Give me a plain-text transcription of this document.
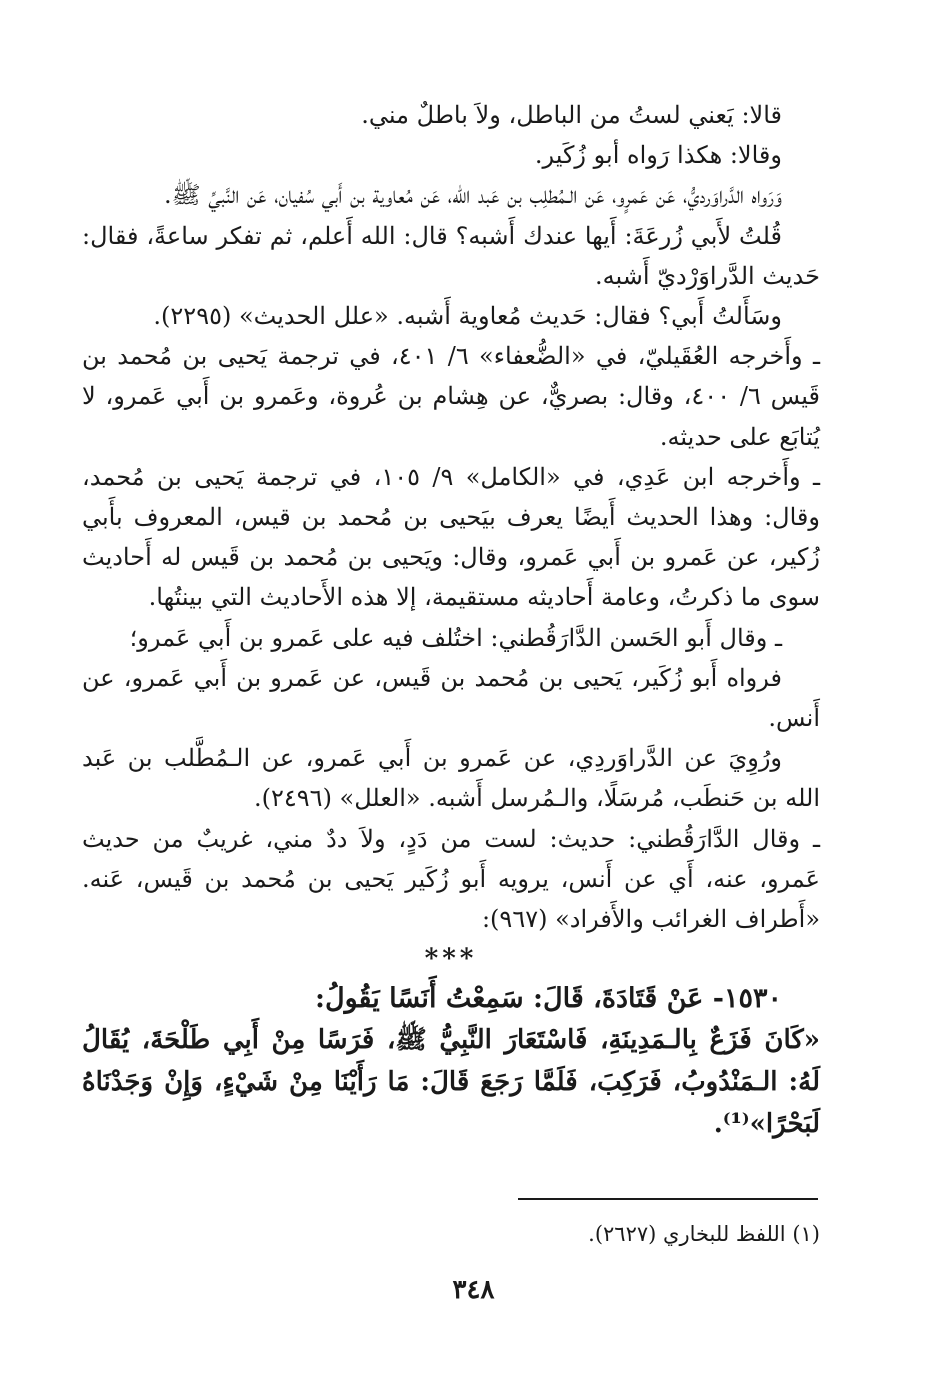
قالا: يَعني لستُ من الباطل، ولاَ باطلٌ مني.

وقالا: هكذا رَواه أبو زُكَير.

وَرَواه الدَّراوَرديُّ، عَن عَمرٍو، عَن الـمُطلِب بن عَبد الله، عَن مُعاوية بن أَبي سُفيان، عَن النَّبيِّ ﷺ.

قُلتُ لأَبي زُرعَةَ: أَيها عندك أَشبه؟ قال: الله أَعلم، ثم تفكر ساعةً، فقال: حَديث الدَّراوَرْديّ أَشبه.

وسَأَلتُ أَبي؟ فقال: حَديث مُعاوية أَشبه. «علل الحديث» (٢٢٩٥).

ـ وأَخرجه العُقَيليّ، في «الضُّعفاء» ٦/ ٤٠١، في ترجمة يَحيى بن مُحمد بن قَيس ٦/ ٤٠٠، وقال: بصريٌّ، عن هِشام بن عُروة، وعَمرو بن أَبي عَمرو، لا يُتابَع على حديثه.

ـ وأَخرجه ابن عَدِي، في «الكامل» ٩/ ١٠٥، في ترجمة يَحيى بن مُحمد، وقال: وهذا الحديث أَيضًا يعرف بيَحيى بن مُحمد بن قيس، المعروف بأَبي زُكير، عن عَمرو بن أَبي عَمرو، وقال: ويَحيى بن مُحمد بن قَيس له أَحاديث سوى ما ذكرتُ، وعامة أَحاديثه مستقيمة، إلا هذه الأَحاديث التي بينتُها.

ـ وقال أَبو الحَسن الدَّارَقُطني: اختُلف فيه على عَمرو بن أَبي عَمرو؛

فرواه أَبو زُكَير، يَحيى بن مُحمد بن قَيس، عن عَمرو بن أَبي عَمرو، عن أَنس.

ورُوِيَ عن الدَّراوَردِي، عن عَمرو بن أَبي عَمرو، عن الـمُطَّلب بن عَبد الله بن حَنطَب، مُرسَلًا، والـمُرسل أَشبه. «العلل» (٢٤٩٦).

ـ وقال الدَّارَقُطني: حديث: لست من دَدٍ، ولاَ ددٌ مني، غريبٌ من حديث عَمرو، عنه، أَي عن أَنس، يرويه أَبو زُكَير يَحيى بن مُحمد بن قَيس، عَنه. «أَطراف الغرائب والأَفراد» (٩٦٧):

***

١٥٣٠- عَنْ قَتَادَةَ، قَالَ: سَمِعْتُ أَنَسًا يَقُولُ:

«كَانَ فَزَعٌ بِالـمَدِينَةِ، فَاسْتَعَارَ النَّبِيُّ ﷺ، فَرَسًا مِنْ أَبِي طَلْحَةَ، يُقَالُ لَهُ: الـمَنْدُوبُ، فَرَكِبَ، فَلَمَّا رَجَعَ قَالَ: مَا رَأَيْنَا مِنْ شَيْءٍ، وَإِنْ وَجَدْنَاهُ لَبَحْرًا»⁽¹⁾.

(١) اللفظ للبخاري (٢٦٢٧).
٣٤٨
